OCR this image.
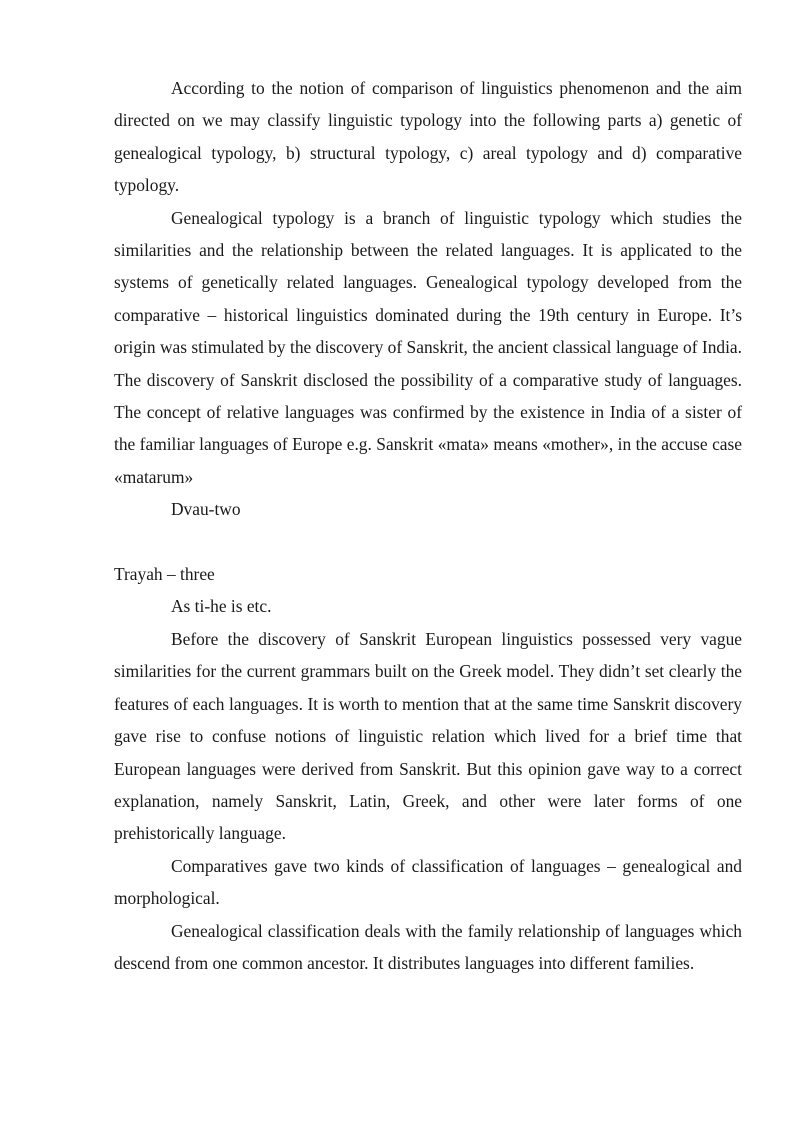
According to the notion of comparison of linguistics phenomenon and the aim directed on we may classify linguistic typology into the following parts a) genetic of genealogical typology, b) structural typology, c) areal typology and d) comparative typology.

Genealogical typology is a branch of linguistic typology which studies the similarities and the relationship between the related languages. It is applicated to the systems of genetically related languages. Genealogical typology developed from the comparative – historical linguistics dominated during the 19th century in Europe. It’s origin was stimulated by the discovery of Sanskrit, the ancient classical language of India. The discovery of Sanskrit disclosed the possibility of a comparative study of languages. The concept of relative languages was confirmed by the existence in India of a sister of the familiar languages of Europe e.g. Sanskrit «mata» means «mother», in the accuse case «matarum»

Dvau-two

Trayah – three

As ti-he is etc.

Before the discovery of Sanskrit European linguistics possessed very vague similarities for the current grammars built on the Greek model. They didn’t set clearly the features of each languages. It is worth to mention that at the same time Sanskrit discovery gave rise to confuse notions of linguistic relation which lived for a brief time that European languages were derived from Sanskrit. But this opinion gave way to a correct explanation, namely Sanskrit, Latin, Greek, and other were later forms of one prehistorically language.

Comparatives gave two kinds of classification of languages – genealogical and morphological.

Genealogical classification deals with the family relationship of languages which descend from one common ancestor. It distributes languages into different families.
